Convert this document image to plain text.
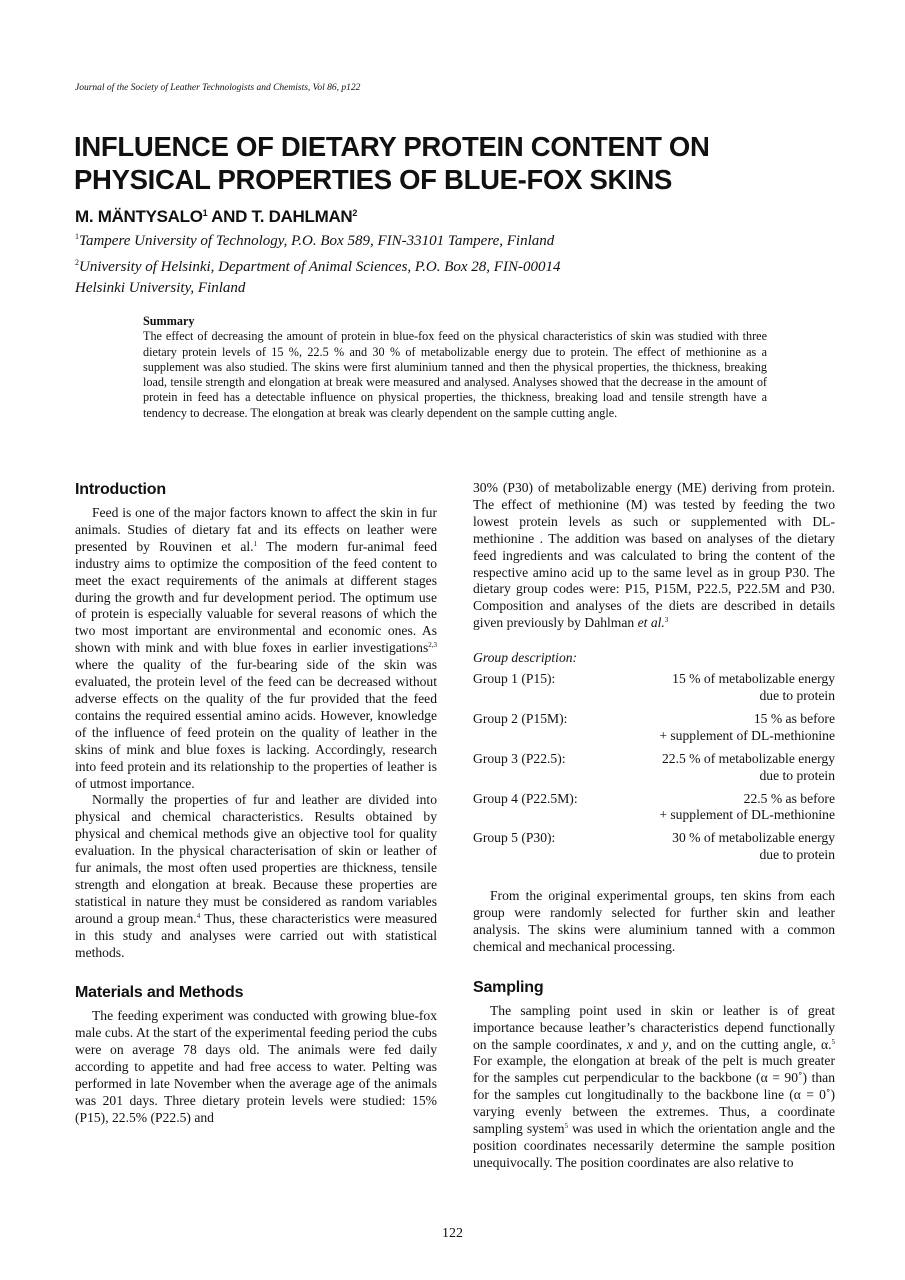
Journal of the Society of Leather Technologists and Chemists, Vol 86, p122
INFLUENCE OF DIETARY PROTEIN CONTENT ON
PHYSICAL PROPERTIES OF BLUE-FOX SKINS
M. MÄNTYSALO$^1$ AND T. DAHLMAN$^2$
$^1$Tampere University of Technology, P.O. Box 589, FIN-33101 Tampere, Finland
$^2$University of Helsinki, Department of Animal Sciences, P.O. Box 28, FIN-00014
Helsinki University, Finland
Summary
The effect of decreasing the amount of protein in blue-fox feed on the physical characteristics of skin was studied with three dietary protein levels of 15 %, 22.5 % and 30 % of metabolizable energy due to protein. The effect of methionine as a supplement was also studied. The skins were first aluminium tanned and then the physical properties, the thickness, breaking load, tensile strength and elongation at break were measured and analysed. Analyses showed that the decrease in the amount of protein in feed has a detectable influence on physical properties, the thickness, breaking load and tensile strength have a tendency to decrease. The elongation at break was clearly dependent on the sample cutting angle.
Introduction

Feed is one of the major factors known to affect the skin in fur animals. Studies of dietary fat and its effects on leather were presented by Rouvinen et al.$^1$ The modern fur-animal feed industry aims to optimize the composition of the feed content to meet the exact requirements of the animals at different stages during the growth and fur development period. The optimum use of protein is especially valuable for several reasons of which the two most important are environmental and economic ones. As shown with mink and with blue foxes in earlier investigations$^{2,3}$ where the quality of the fur-bearing side of the skin was evaluated, the protein level of the feed can be decreased without adverse effects on the quality of the fur provided that the feed contains the required essential amino acids. However, knowledge of the influence of feed protein on the quality of leather in the skins of mink and blue foxes is lacking. Accordingly, research into feed protein and its relationship to the properties of leather is of utmost importance.

Normally the properties of fur and leather are divided into physical and chemical characteristics. Results obtained by physical and chemical methods give an objective tool for quality evaluation. In the physical characterisation of skin or leather of fur animals, the most often used properties are thickness, tensile strength and elongation at break. Because these properties are statistical in nature they must be considered as random variables around a group mean.$^4$ Thus, these characteristics were measured in this study and analyses were carried out with statistical methods.

Materials and Methods

The feeding experiment was conducted with growing blue-fox male cubs. At the start of the experimental feeding period the cubs were on average 78 days old. The animals were fed daily according to appetite and had free access to water. Pelting was performed in late November when the average age of the animals was 201 days. Three dietary protein levels were studied: 15% (P15), 22.5% (P22.5) and

30% (P30) of metabolizable energy (ME) deriving from protein. The effect of methionine (M) was tested by feeding the two lowest protein levels as such or supplemented with DL-methionine . The addition was based on analyses of the dietary feed ingredients and was calculated to bring the content of the respective amino acid up to the same level as in group P30. The dietary group codes were: P15, P15M, P22.5, P22.5M and P30. Composition and analyses of the diets are described in details given previously by Dahlman et al.$^3$

Group description:
Group 1 (P15):	15 % of metabolizable energy
due to protein
Group 2 (P15M):	15 % as before
+ supplement of DL-methionine
Group 3 (P22.5):	22.5 % of metabolizable energy
due to protein
Group 4 (P22.5M):	22.5 % as before
+ supplement of DL-methionine
Group 5 (P30):	30 % of metabolizable energy
due to protein

From the original experimental groups, ten skins from each group were randomly selected for further skin and leather analysis. The skins were aluminium tanned with a common chemical and mechanical processing.

Sampling

The sampling point used in skin or leather is of great importance because leather’s characteristics depend functionally on the sample coordinates, x and y, and on the cutting angle, α.$^5$ For example, the elongation at break of the pelt is much greater for the samples cut perpendicular to the backbone (α = 90˚) than for the samples cut longitudinally to the backbone line (α = 0˚) varying evenly between the extremes. Thus, a coordinate sampling system$^5$ was used in which the orientation angle and the position coordinates necessarily determine the sample position unequivocally. The position coordinates are also relative to

122
